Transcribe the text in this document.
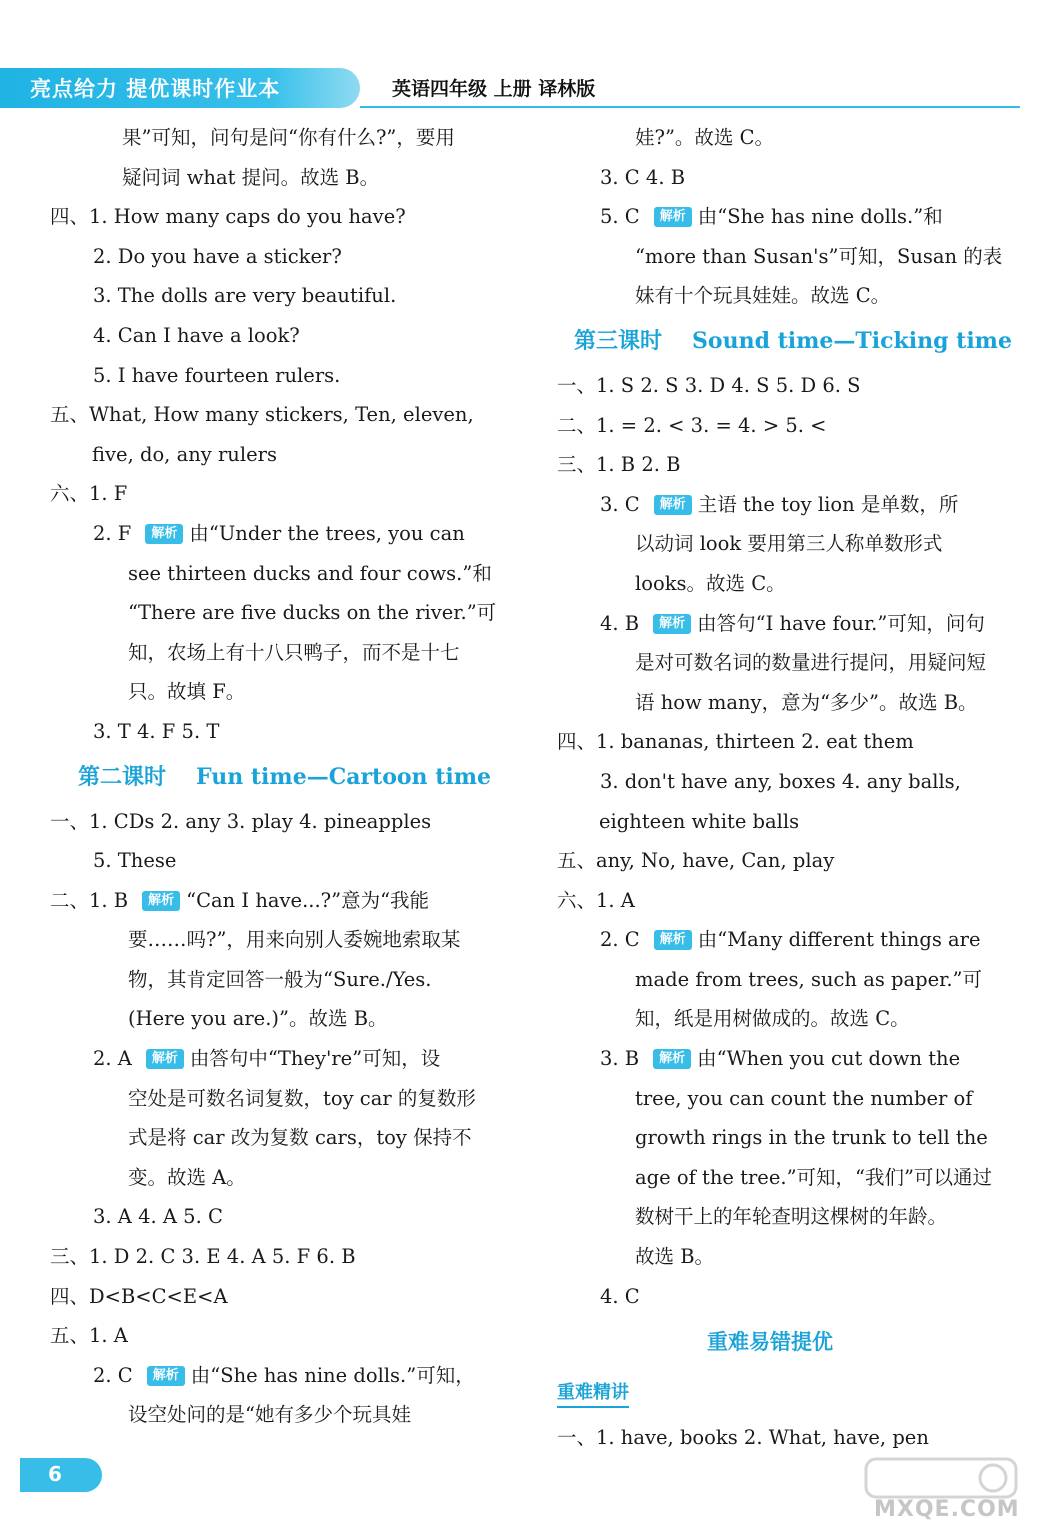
亮点给力 提优课时作业本	英语四年级 上册 译林版
果”可知，问句是问“你有什么?”，要用
疑问词 what 提问。故选 B。
四、1. How many caps do you have?
2. Do you have a sticker?
3. The dolls are very beautiful.
4. Can I have a look?
5. I have fourteen rulers.
五、What, How many stickers, Ten, eleven,
five, do, any rulers
六、1. F
2. F 解析 由“Under the trees, you can
see thirteen ducks and four cows.”和
“There are five ducks on the river.”可
知，农场上有十八只鸭子，而不是十七
只。故填 F。
3. T 4. F 5. T
第二课时 Fun time—Cartoon time
一、1. CDs 2. any 3. play 4. pineapples
5. These
二、1. B 解析 “Can I have...?”意为“我能
要……吗?”，用来向别人委婉地索取某
物，其肯定回答一般为“Sure./Yes.
(Here you are.)”。故选 B。
2. A 解析 由答句中“They're”可知，设
空处是可数名词复数，toy car 的复数形
式是将 car 改为复数 cars，toy 保持不
变。故选 A。
3. A 4. A 5. C
三、1. D 2. C 3. E 4. A 5. F 6. B
四、D<B<C<E<A
五、1. A
2. C 解析 由“She has nine dolls.”可知，
设空处问的是“她有多少个玩具娃
娃?”。故选 C。
3. C 4. B
5. C 解析 由“She has nine dolls.”和
“more than Susan's”可知，Susan 的表
妹有十个玩具娃娃。故选 C。
第三课时 Sound time—Ticking time
一、1. S 2. S 3. D 4. S 5. D 6. S
二、1. = 2. < 3. = 4. > 5. <
三、1. B 2. B
3. C 解析 主语 the toy lion 是单数，所
以动词 look 要用第三人称单数形式
looks。故选 C。
4. B 解析 由答句“I have four.”可知，问句
是对可数名词的数量进行提问，用疑问短
语 how many，意为“多少”。故选 B。
四、1. bananas, thirteen 2. eat them
3. don't have any, boxes 4. any balls,
eighteen white balls
五、any, No, have, Can, play
六、1. A
2. C 解析 由“Many different things are
made from trees, such as paper.”可
知，纸是用树做成的。故选 C。
3. B 解析 由“When you cut down the
tree, you can count the number of
growth rings in the trunk to tell the
age of the tree.”可知，“我们”可以通过
数树干上的年轮查明这棵树的年龄。
故选 B。
4. C
重难易错提优
重难精讲
一、1. have, books 2. What, have, pen
6
MXQE.COM
